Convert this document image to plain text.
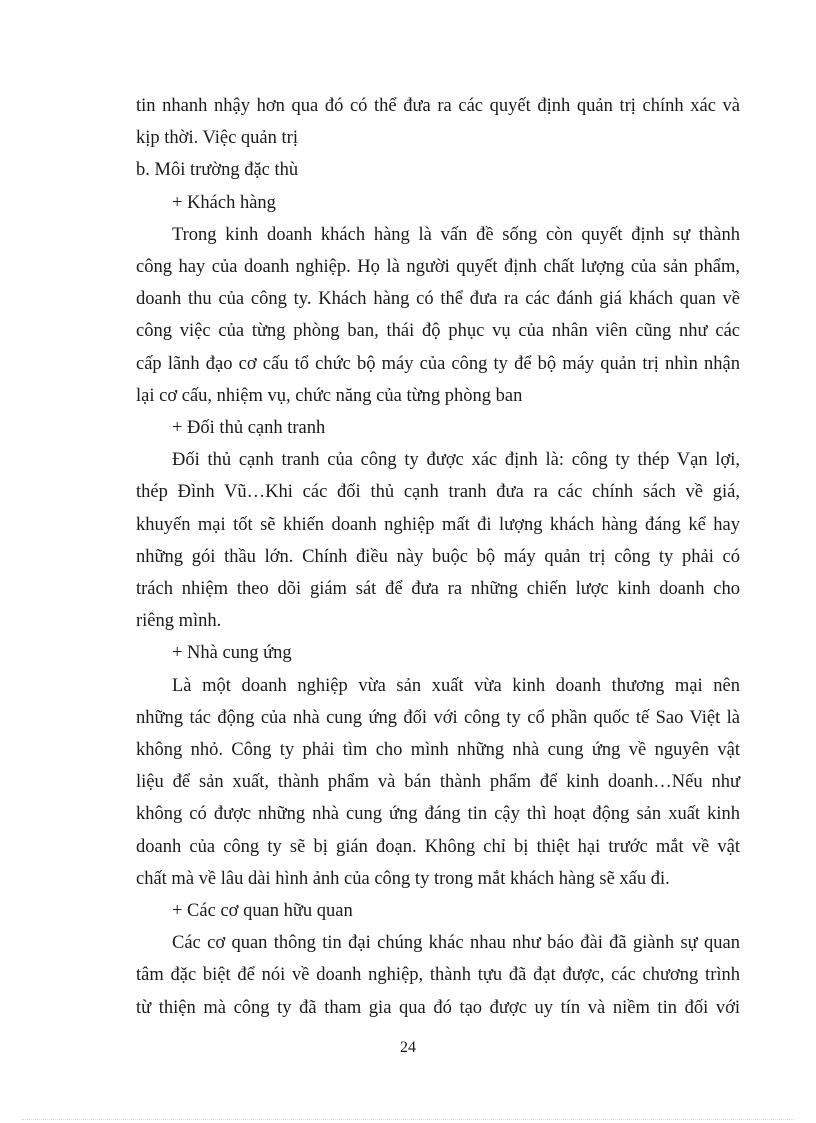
tin nhanh nhậy hơn qua đó có thể đưa ra các quyết định quản trị chính xác và
kịp thời. Việc quản trị
b. Môi trường đặc thù
+ Khách hàng
Trong kinh doanh khách hàng là vấn đề sống còn quyết định sự thành
công hay của doanh nghiệp. Họ là người quyết định chất lượng của sản phẩm,
doanh thu của công ty. Khách hàng có thể đưa ra các đánh giá khách quan về
công việc của từng phòng ban, thái độ phục vụ của nhân viên cũng như các
cấp lãnh đạo cơ cấu tổ chức bộ máy của công ty để bộ máy quản trị nhìn nhận
lại cơ cấu, nhiệm vụ, chức năng của từng phòng ban
+ Đối thủ cạnh tranh
Đối thủ cạnh tranh của công ty được xác định là: công ty thép Vạn lợi,
thép Đình Vũ…Khi các đối thủ cạnh tranh đưa ra các chính sách về giá,
khuyến mại tốt sẽ khiến doanh nghiệp mất đi lượng khách hàng đáng kể hay
những gói thầu lớn. Chính điều này buộc bộ máy quản trị công ty phải có
trách nhiệm theo dõi giám sát để đưa ra những chiến lược kinh doanh cho
riêng mình.
+ Nhà cung ứng
Là một doanh nghiệp vừa sản xuất vừa kinh doanh thương mại nên
những tác động của nhà cung ứng đối với công ty cổ phần quốc tế Sao Việt là
không nhỏ. Công ty phải tìm cho mình những nhà cung ứng về nguyên vật
liệu để sản xuất, thành phẩm và bán thành phẩm để kinh doanh…Nếu như
không có được những nhà cung ứng đáng tin cậy thì hoạt động sản xuất kinh
doanh của công ty sẽ bị gián đoạn. Không chỉ bị thiệt hại trước mắt về vật
chất mà về lâu dài hình ảnh của công ty trong mắt khách hàng sẽ xấu đi.
+ Các cơ quan hữu quan
Các cơ quan thông tin đại chúng khác nhau như báo đài đã giành sự quan
tâm đặc biệt để nói về doanh nghiệp, thành tựu đã đạt được, các chương trình
từ thiện mà công ty đã tham gia qua đó tạo được uy tín và niềm tin đối với
24
